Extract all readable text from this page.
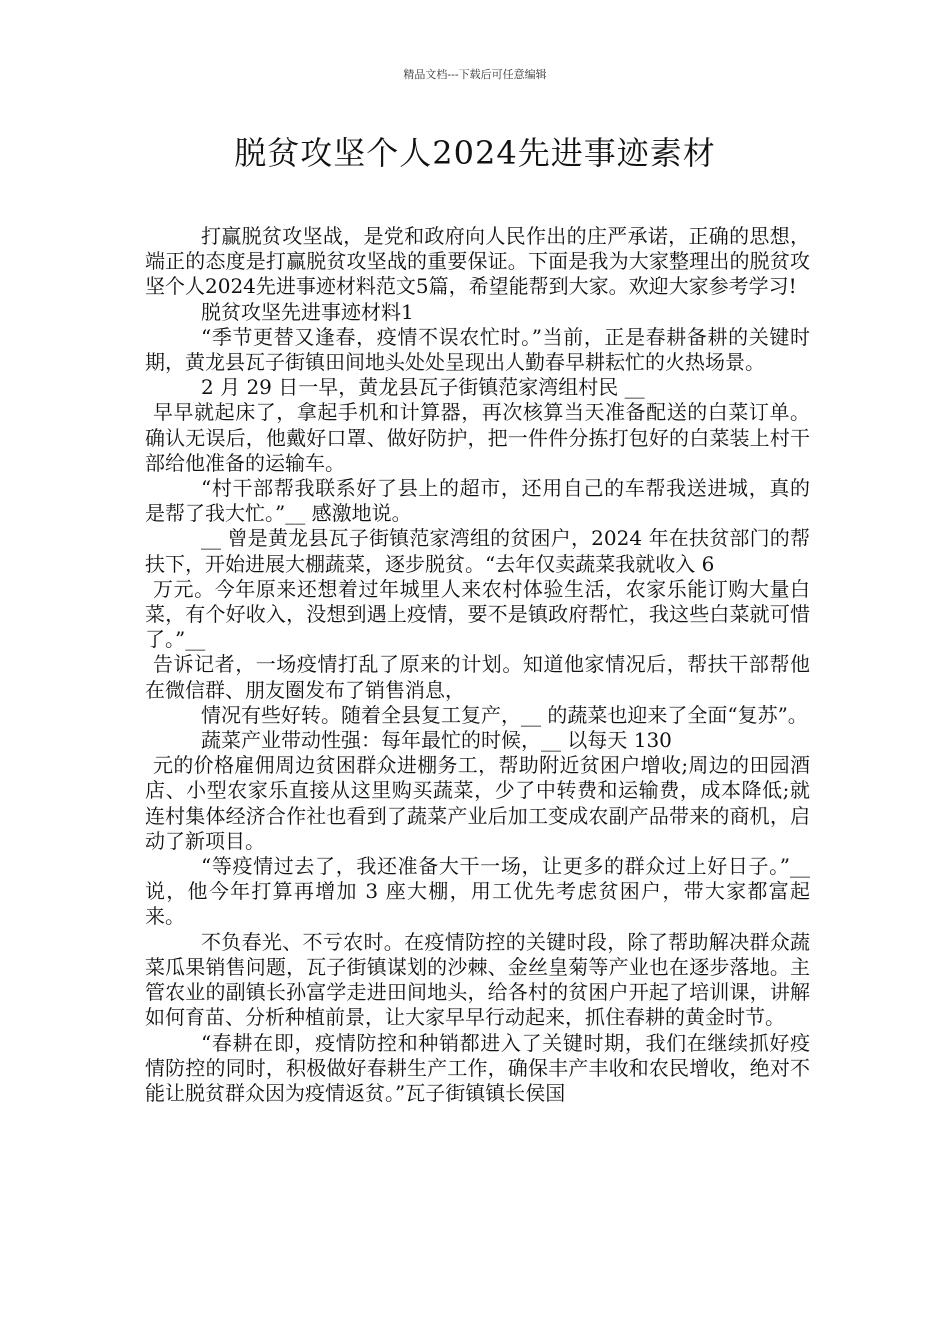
精品文档---下载后可任意编辑
脱贫攻坚个人2024先进事迹素材

打赢脱贫攻坚战，是党和政府向人民作出的庄严承诺，正确的思想，端正的态度是打赢脱贫攻坚战的重要保证。下面是我为大家整理出的脱贫攻坚个人2024先进事迹材料范文5篇，希望能帮到大家。欢迎大家参考学习!

脱贫攻坚先进事迹材料1

“季节更替又逢春，疫情不误农忙时。”当前，正是春耕备耕的关键时期，黄龙县瓦子街镇田间地头处处呈现出人勤春早耕耘忙的火热场景。

2 月 29 日一早，黄龙县瓦子街镇范家湾组村民 __

早早就起床了，拿起手机和计算器，再次核算当天准备配送的白菜订单。确认无误后，他戴好口罩、做好防护，把一件件分拣打包好的白菜装上村干部给他准备的运输车。

“村干部帮我联系好了县上的超市，还用自己的车帮我送进城，真的是帮了我大忙。”__ 感激地说。

__ 曾是黄龙县瓦子街镇范家湾组的贫困户，2024 年在扶贫部门的帮扶下，开始进展大棚蔬菜，逐步脱贫。“去年仅卖蔬菜我就收入 6

万元。今年原来还想着过年城里人来农村体验生活，农家乐能订购大量白菜，有个好收入，没想到遇上疫情，要不是镇政府帮忙，我这些白菜就可惜了。”__

告诉记者，一场疫情打乱了原来的计划。知道他家情况后，帮扶干部帮他在微信群、朋友圈发布了销售消息，

情况有些好转。随着全县复工复产，__ 的蔬菜也迎来了全面“复苏”。

蔬菜产业带动性强：每年最忙的时候，__ 以每天 130

元的价格雇佣周边贫困群众进棚务工，帮助附近贫困户增收;周边的田园酒店、小型农家乐直接从这里购买蔬菜，少了中转费和运输费，成本降低;就连村集体经济合作社也看到了蔬菜产业后加工变成农副产品带来的商机，启动了新项目。

“等疫情过去了，我还准备大干一场，让更多的群众过上好日子。”__ 说，他今年打算再增加 3 座大棚，用工优先考虑贫困户，带大家都富起来。

不负春光、不亏农时。在疫情防控的关键时段，除了帮助解决群众蔬菜瓜果销售问题，瓦子街镇谋划的沙棘、金丝皇菊等产业也在逐步落地。主管农业的副镇长孙富学走进田间地头，给各村的贫困户开起了培训课，讲解如何育苗、分析种植前景，让大家早早行动起来，抓住春耕的黄金时节。

“春耕在即，疫情防控和种销都进入了关键时期，我们在继续抓好疫情防控的同时，积极做好春耕生产工作，确保丰产丰收和农民增收，绝对不能让脱贫群众因为疫情返贫。”瓦子街镇镇长侯国
